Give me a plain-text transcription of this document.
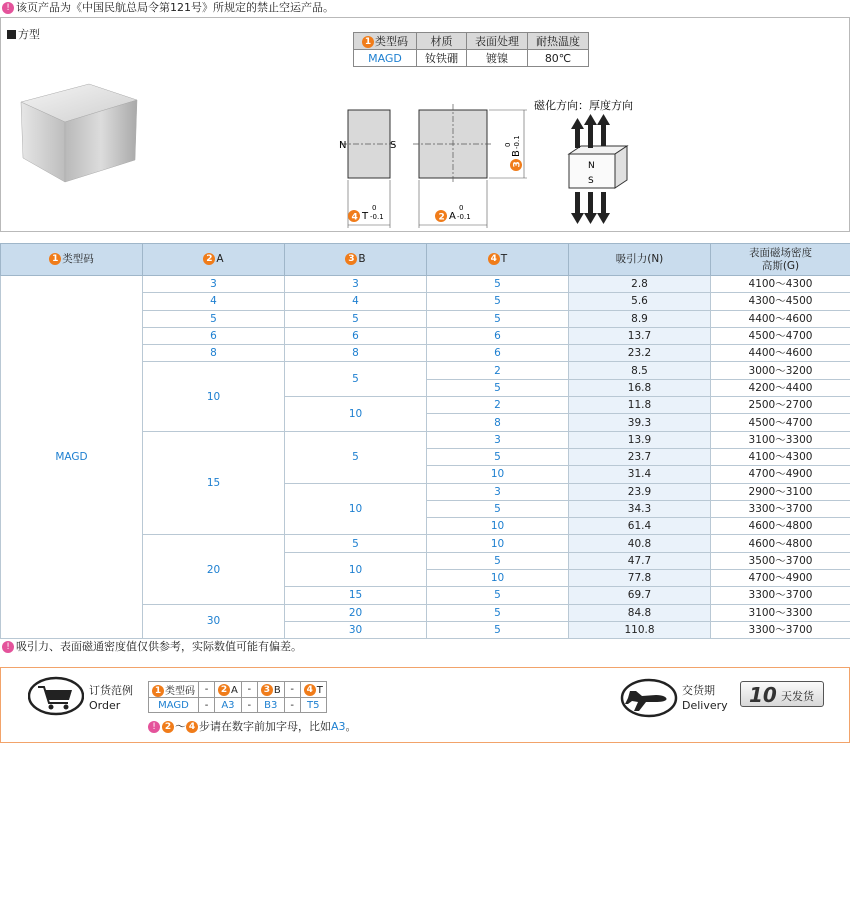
! 该页产品为《中国民航总局令第121号》所规定的禁止空运产品。
方型
1 类型码	材质	表面处理	耐热温度
MAGD	钕铁硼	镀镍	80℃
N	S
4 T
0
-0.1	2 A
0
-0.1
3
B
0 -0.1
磁化方向：厚度方向
N
S
1 类型码	2 A	3 B	4 T	吸引力(N)	表面磁场密度
高斯(G)
MAGD	3	3	5	2.8	4100～4300
	4	4	5	5.6	4300～4500
	5	5	5	8.9	4400～4600
	6	6	6	13.7	4500～4700
	8	8	6	23.2	4400～4600
	10	5	2	8.5	3000～3200
			5	16.8	4200～4400
		10	2	11.8	2500～2700
			8	39.3	4500～4700
	15	5	3	13.9	3100～3300
			5	23.7	4100～4300
			10	31.4	4700～4900
		10	3	23.9	2900～3100
			5	34.3	3300～3700
			10	61.4	4600～4800
	20	5	10	40.8	4600～4800
		10	5	47.7	3500～3700
			10	77.8	4700～4900
		15	5	69.7	3300～3700
	30	20	5	84.8	3100～3300
		30	5	110.8	3300～3700
! 吸引力、表面磁通密度值仅供参考，实际数值可能有偏差。
订货范例
Order
1 类型码	-	2 A	-	3 B	-	4 T
MAGD	-	A3	-	B3	-	T5
! 2 ～ 4 步请在数字前加字母，比如A3。
交货期
Delivery 10 天发货
